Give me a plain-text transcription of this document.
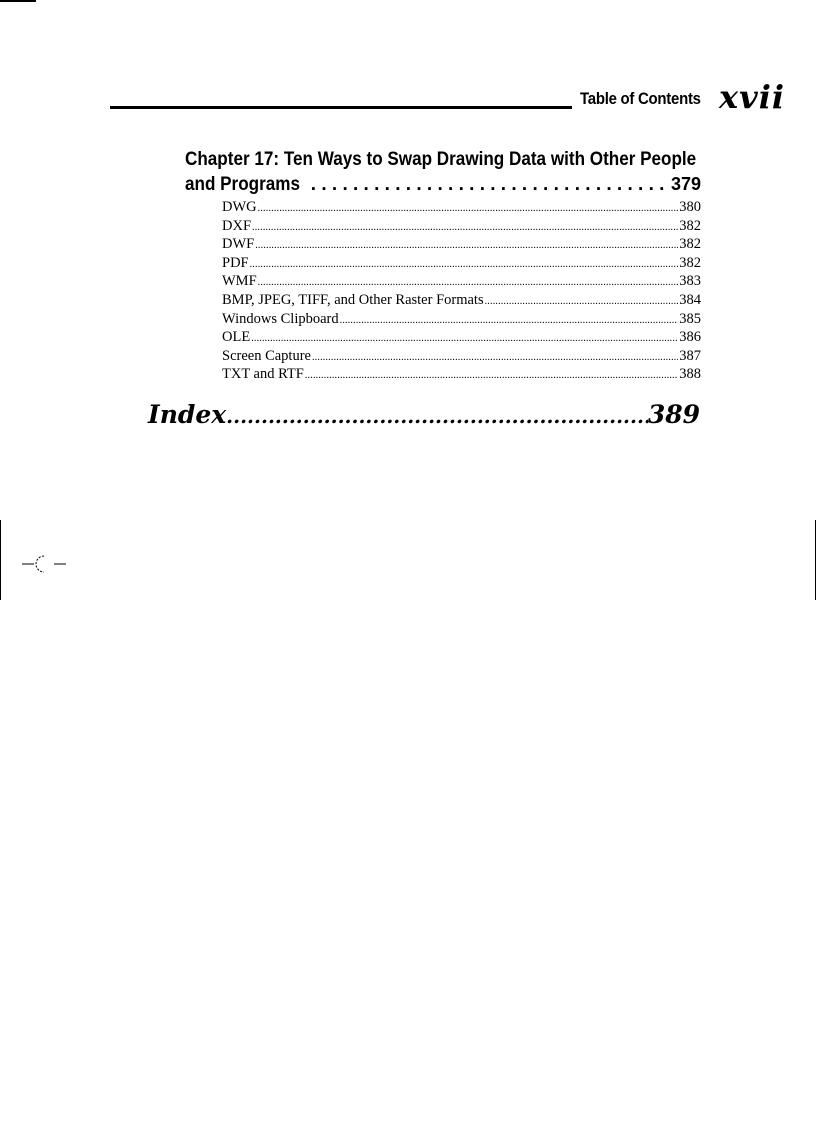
Table of Contents xvii
Chapter 17: Ten Ways to Swap Drawing Data with Other People
and Programs . . .	379
DWG .....	380
DXF .....	382
DWF .....	382
PDF .....	382
WMF .....	383
BMP, JPEG, TIFF, and Other Raster Formats .....	384
Windows Clipboard .....	385
OLE .....	386
Screen Capture .....	387
TXT and RTF .....	388
Index .....	389
